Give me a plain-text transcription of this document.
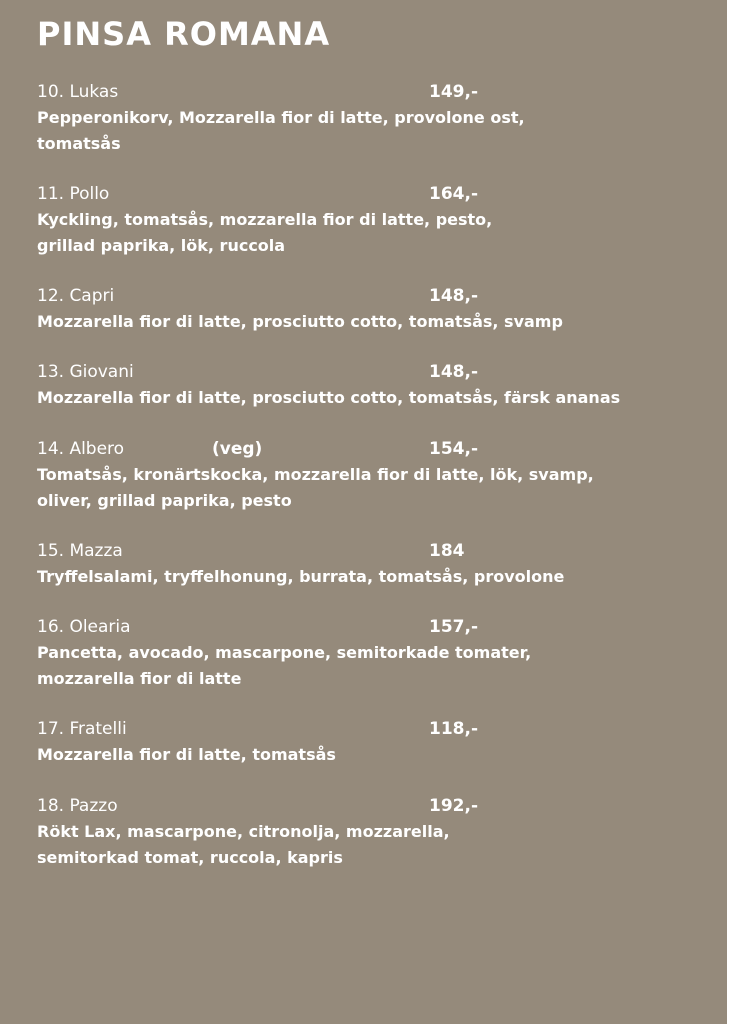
PINSA ROMANA
10. Lukas	149,-
Pepperonikorv, Mozzarella fior di latte, provolone ost,
tomatsås
11. Pollo	164,-
Kyckling, tomatsås, mozzarella fior di latte, pesto,
grillad paprika, lök, ruccola
12. Capri	148,-
Mozzarella fior di latte, prosciutto cotto, tomatsås, svamp
13. Giovani	148,-
Mozzarella fior di latte, prosciutto cotto, tomatsås, färsk ananas
14. Albero	(veg)	154,-
Tomatsås, kronärtskocka, mozzarella fior di latte, lök, svamp,
oliver, grillad paprika, pesto
15. Mazza	184
Tryffelsalami, tryffelhonung, burrata, tomatsås, provolone
16. Olearia	157,-
Pancetta, avocado, mascarpone, semitorkade tomater,
mozzarella fior di latte
17. Fratelli	118,-
Mozzarella fior di latte, tomatsås
18. Pazzo	192,-
Rökt Lax, mascarpone, citronolja, mozzarella,
semitorkad tomat, ruccola, kapris
